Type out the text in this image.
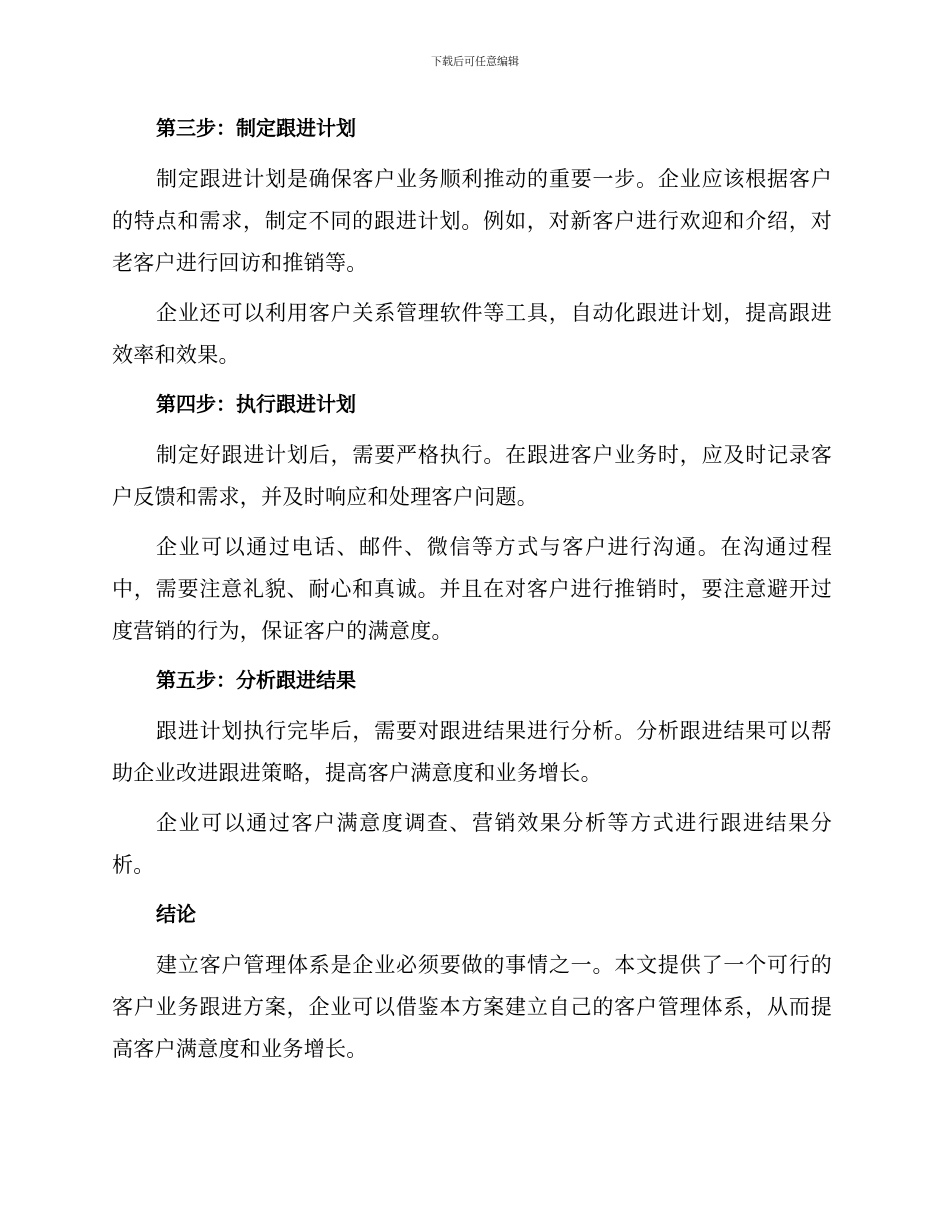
下载后可任意编辑
第三步：制定跟进计划

制定跟进计划是确保客户业务顺利推动的重要一步。企业应该根据客户的特点和需求，制定不同的跟进计划。例如，对新客户进行欢迎和介绍，对老客户进行回访和推销等。

企业还可以利用客户关系管理软件等工具，自动化跟进计划，提高跟进效率和效果。

第四步：执行跟进计划

制定好跟进计划后，需要严格执行。在跟进客户业务时，应及时记录客户反馈和需求，并及时响应和处理客户问题。

企业可以通过电话、邮件、微信等方式与客户进行沟通。在沟通过程中，需要注意礼貌、耐心和真诚。并且在对客户进行推销时，要注意避开过度营销的行为，保证客户的满意度。

第五步：分析跟进结果

跟进计划执行完毕后，需要对跟进结果进行分析。分析跟进结果可以帮助企业改进跟进策略，提高客户满意度和业务增长。

企业可以通过客户满意度调查、营销效果分析等方式进行跟进结果分析。

结论

建立客户管理体系是企业必须要做的事情之一。本文提供了一个可行的客户业务跟进方案，企业可以借鉴本方案建立自己的客户管理体系，从而提高客户满意度和业务增长。
